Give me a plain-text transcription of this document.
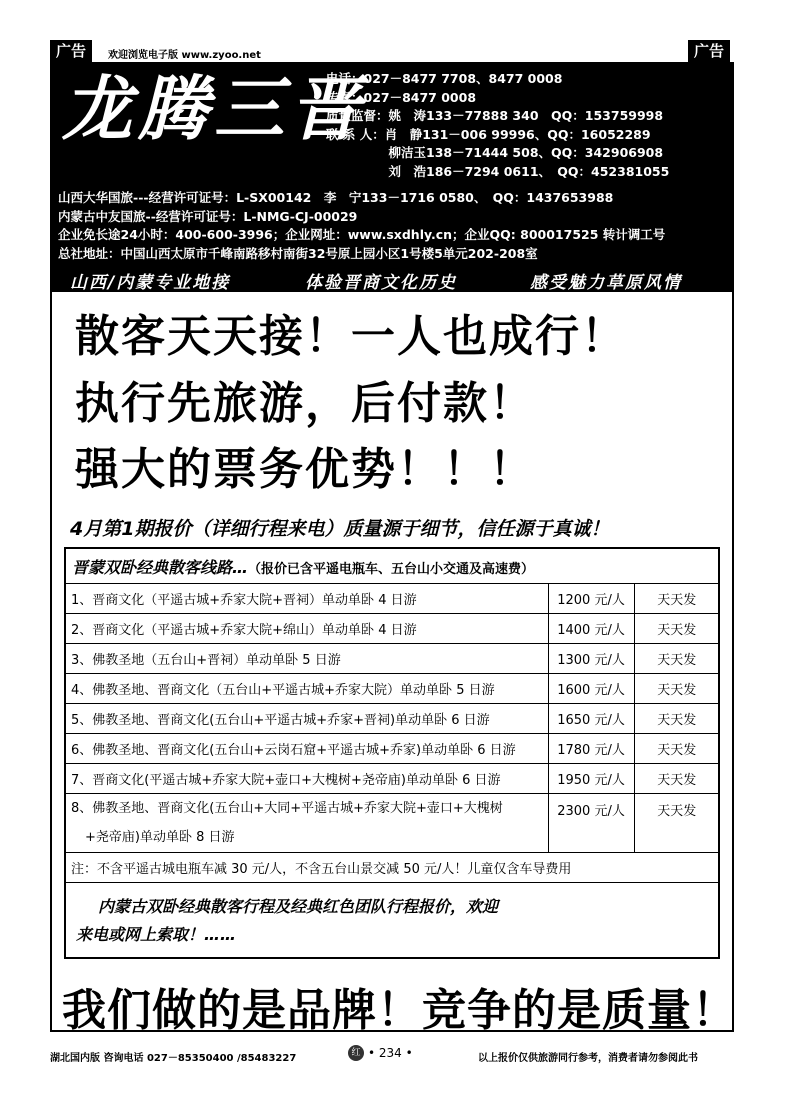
广告	欢迎浏览电子版 www.zyoo.net	广告
龙腾三晋
电话：027－8477 7708、8477 0008
传真：027－8477 0008
质量监督：姚　涛133－77888 340　QQ：153759998
联 系 人：肖　静131－006 99996、QQ：16052289
　　　　　柳洁玉138－71444 508、QQ：342906908
　　　　　刘　浩186－7294 0611、　QQ：452381055
山西大华国旅---经营许可证号：L-SX00142　李　宁133－1716 0580、　QQ：1437653988
内蒙古中友国旅--经营许可证号：L-NMG-CJ-00029
企业免长途24小时：400-600-3996；企业网址：www.sxdhly.cn；企业QQ: 800017525 转计调工号
总社地址：中国山西太原市千峰南路移村南街32号原上园小区1号楼5单元202-208室
山西/内蒙专业地接	体验晋商文化历史	感受魅力草原风情
散客天天接！一人也成行！
执行先旅游，后付款！
强大的票务优势！！！
4月第1期报价（详细行程来电）质量源于细节，信任源于真诚！
晋蒙双卧经典散客线路…（报价已含平遥电瓶车、五台山小交通及高速费）
1、晋商文化（平遥古城+乔家大院+晋祠）单动单卧 4 日游	1200 元/人	天天发
2、晋商文化（平遥古城+乔家大院+绵山）单动单卧 4 日游	1400 元/人	天天发
3、佛教圣地（五台山+晋祠）单动单卧 5 日游	1300 元/人	天天发
4、佛教圣地、晋商文化（五台山+平遥古城+乔家大院）单动单卧 5 日游	1600 元/人	天天发
5、佛教圣地、晋商文化(五台山+平遥古城+乔家+晋祠)单动单卧 6 日游	1650 元/人	天天发
6、佛教圣地、晋商文化(五台山+云岗石窟+平遥古城+乔家)单动单卧 6 日游	1780 元/人	天天发
7、晋商文化(平遥古城+乔家大院+壶口+大槐树+尧帝庙)单动单卧 6 日游	1950 元/人	天天发

8、佛教圣地、晋商文化(五台山+大同+平遥古城+乔家大院+壶口+大槐树
+尧帝庙)单动单卧 8 日游	2300 元/人	天天发
注：不含平遥古城电瓶车减 30 元/人，不含五台山景交减 50 元/人！儿童仅含车导费用		
内蒙古双卧经典散客行程及经典红色团队行程报价，欢迎
来电或网上索取！……
我们做的是品牌！竞争的是质量！
湖北国内版 咨询电话 027－85350400 /85483227	红 • 234 •	以上报价仅供旅游同行参考，消费者请勿参阅此书
